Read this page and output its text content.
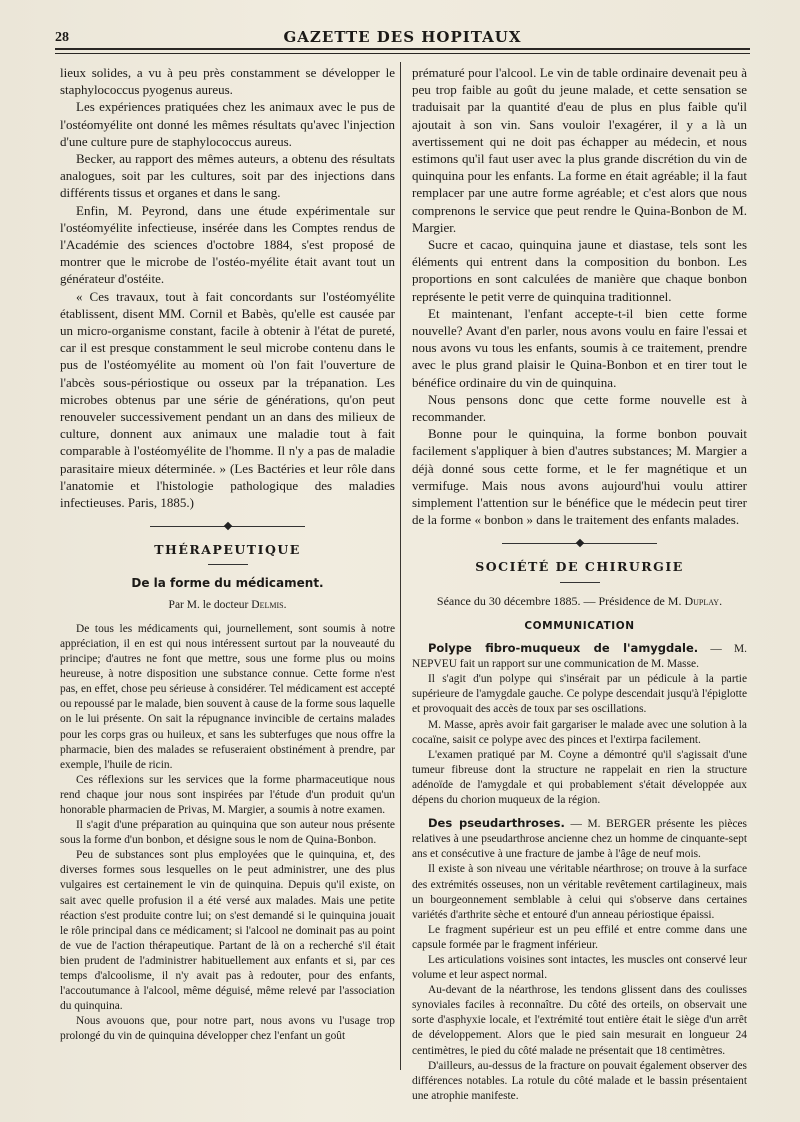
28	GAZETTE DES HOPITAUX

lieux solides, a vu à peu près constamment se développer le staphylococcus pyogenus aureus.

Les expériences pratiquées chez les animaux avec le pus de l'ostéomyélite ont donné les mêmes résultats qu'avec l'injection d'une culture pure de staphylococcus aureus.

Becker, au rapport des mêmes auteurs, a obtenu des résultats analogues, soit par les cultures, soit par des injections dans différents tissus et organes et dans le sang.

Enfin, M. Peyrond, dans une étude expérimentale sur l'ostéomyélite infectieuse, insérée dans les Comptes rendus de l'Académie des sciences d'octobre 1884, s'est proposé de montrer que le microbe de l'ostéo-myélite était avant tout un générateur d'ostéite.

« Ces travaux, tout à fait concordants sur l'ostéomyélite établissent, disent MM. Cornil et Babès, qu'elle est causée par un micro-organisme constant, facile à obtenir à l'état de pureté, car il est presque constamment le seul microbe contenu dans le pus de l'ostéomyélite au moment où l'on fait l'ouverture de l'abcès sous-périostique ou osseux par la trépanation. Les microbes obtenus par une série de générations, qu'on peut renouveler successivement pendant un an dans des milieux de culture, donnent aux animaux une maladie tout à fait comparable à l'ostéomyélite de l'homme. Il n'y a pas de maladie parasitaire mieux déterminée. » (Les Bactéries et leur rôle dans l'anatomie et l'histologie pathologique des maladies infectieuses. Paris, 1885.)

THÉRAPEUTIQUE
De la forme du médicament.
Par M. le docteur Delmis.

De tous les médicaments qui, journellement, sont soumis à notre appréciation, il en est qui nous intéressent surtout par la nouveauté du principe; d'autres ne font que mettre, sous une forme plus ou moins heureuse, à notre disposition une substance connue. Cette forme n'est pas, en effet, chose peu sérieuse à considérer. Tel médicament est accepté ou repoussé par le malade, bien souvent à cause de la forme sous laquelle on le lui présente. On sait la répugnance invincible de certains malades pour les corps gras ou huileux, et sans les subterfuges que nous offre la pharmacie, bien des malades se refuseraient obstinément à prendre, par exemple, l'huile de ricin.

Ces réflexions sur les services que la forme pharmaceutique nous rend chaque jour nous sont inspirées par l'étude d'un produit qu'un honorable pharmacien de Privas, M. Margier, a soumis à notre examen.

Il s'agit d'une préparation au quinquina que son auteur nous présente sous la forme d'un bonbon, et désigne sous le nom de Quina-Bonbon.

Peu de substances sont plus employées que le quinquina, et, des diverses formes sous lesquelles on le peut administrer, une des plus vulgaires est certainement le vin de quinquina. Depuis qu'il existe, on sait avec quelle profusion il a été versé aux malades. Mais une petite réaction s'est produite contre lui; on s'est demandé si le quinquina jouait le rôle principal dans ce médicament; si l'alcool ne dominait pas au point de vue de l'action thérapeutique. Partant de là on a recherché s'il était bien prudent de l'administrer habituellement aux enfants et si, par ces temps d'alcoolisme, il n'y avait pas à redouter, pour des enfants, l'accoutumance à l'alcool, même déguisé, même relevé par l'association du quinquina.

Nous avouons que, pour notre part, nous avons vu l'usage trop prolongé du vin de quinquina développer chez l'enfant un goût

prématuré pour l'alcool. Le vin de table ordinaire devenait peu à peu trop faible au goût du jeune malade, et cette sensation se traduisait par la quantité d'eau de plus en plus faible qu'il ajoutait à son vin. Sans vouloir l'exagérer, il y a là un avertissement qui ne doit pas échapper au médecin, et nous estimons qu'il faut user avec la plus grande discrétion du vin de quinquina pour les enfants. La forme en était agréable; il la faut remplacer par une autre forme agréable; et c'est alors que nous comprenons le service que peut rendre le Quina-Bonbon de M. Margier.

Sucre et cacao, quinquina jaune et diastase, tels sont les éléments qui entrent dans la composition du bonbon. Les proportions en sont calculées de manière que chaque bonbon représente le petit verre de quinquina traditionnel.

Et maintenant, l'enfant accepte-t-il bien cette forme nouvelle? Avant d'en parler, nous avons voulu en faire l'essai et nous avons vu tous les enfants, soumis à ce traitement, prendre avec le plus grand plaisir le Quina-Bonbon et en tirer tout le bénéfice ordinaire du vin de quinquina.

Nous pensons donc que cette forme nouvelle est à recommander.

Bonne pour le quinquina, la forme bonbon pouvait facilement s'appliquer à bien d'autres substances; M. Margier a déjà donné sous cette forme, et le fer magnétique et un vermifuge. Mais nous avons aujourd'hui voulu attirer simplement l'attention sur le bénéfice que le médecin peut tirer de la forme « bonbon » dans le traitement des enfants malades.

SOCIÉTÉ DE CHIRURGIE
Séance du 30 décembre 1885. — Présidence de M. Duplay.
COMMUNICATION

Polype fibro-muqueux de l'amygdale. — M. NEPVEU fait un rapport sur une communication de M. Masse.

Il s'agit d'un polype qui s'insérait par un pédicule à la partie supérieure de l'amygdale gauche. Ce polype descendait jusqu'à l'épiglotte et provoquait des accès de toux par ses oscillations.

M. Masse, après avoir fait gargariser le malade avec une solution à la cocaïne, saisit ce polype avec des pinces et l'extirpa facilement.

L'examen pratiqué par M. Coyne a démontré qu'il s'agissait d'une tumeur fibreuse dont la structure ne rappelait en rien la structure adénoïde de l'amygdale et qui probablement s'était développée aux dépens du chorion muqueux de la région.

Des pseudarthroses. — M. BERGER présente les pièces relatives à une pseudarthrose ancienne chez un homme de cinquante-sept ans et consécutive à une fracture de jambe à l'âge de neuf mois.

Il existe à son niveau une véritable néarthrose; on trouve à la surface des extrémités osseuses, non un véritable revêtement cartilagineux, mais un bourgeonnement semblable à celui qui s'observe dans certaines variétés d'arthrite sèche et entouré d'un anneau périostique épaissi.

Le fragment supérieur est un peu effilé et entre comme dans une capsule formée par le fragment inférieur.

Les articulations voisines sont intactes, les muscles ont conservé leur volume et leur aspect normal.

Au-devant de la néarthrose, les tendons glissent dans des coulisses synoviales faciles à reconnaître. Du côté des orteils, on observait une sorte d'asphyxie locale, et l'extrémité tout entière était le siège d'un arrêt de développement. Alors que le pied sain mesurait en longueur 24 centimètres, le pied du côté malade ne présentait que 18 centimètres.

D'ailleurs, au-dessus de la fracture on pouvait également observer des différences notables. La rotule du côté malade et le bassin présentaient une atrophie manifeste.
